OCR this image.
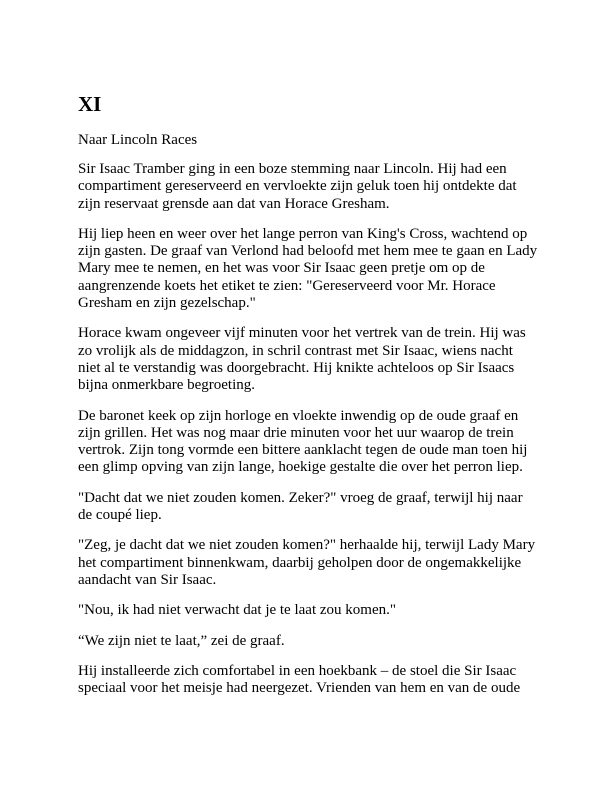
XI
Naar Lincoln Races

Sir Isaac Tramber ging in een boze stemming naar Lincoln. Hij had een compartiment gereserveerd en vervloekte zijn geluk toen hij ontdekte dat zijn reservaat grensde aan dat van Horace Gresham.

Hij liep heen en weer over het lange perron van King's Cross, wachtend op zijn gasten. De graaf van Verlond had beloofd met hem mee te gaan en Lady Mary mee te nemen, en het was voor Sir Isaac geen pretje om op de aangrenzende koets het etiket te zien: "Gereserveerd voor Mr. Horace Gresham en zijn gezelschap."

Horace kwam ongeveer vijf minuten voor het vertrek van de trein. Hij was zo vrolijk als de middagzon, in schril contrast met Sir Isaac, wiens nacht niet al te verstandig was doorgebracht. Hij knikte achteloos op Sir Isaacs bijna onmerkbare begroeting.

De baronet keek op zijn horloge en vloekte inwendig op de oude graaf en zijn grillen. Het was nog maar drie minuten voor het uur waarop de trein vertrok. Zijn tong vormde een bittere aanklacht tegen de oude man toen hij een glimp opving van zijn lange, hoekige gestalte die over het perron liep.

"Dacht dat we niet zouden komen. Zeker?" vroeg de graaf, terwijl hij naar de coupé liep.

"Zeg, je dacht dat we niet zouden komen?" herhaalde hij, terwijl Lady Mary het compartiment binnenkwam, daarbij geholpen door de ongemakkelijke aandacht van Sir Isaac.

"Nou, ik had niet verwacht dat je te laat zou komen."

“We zijn niet te laat,” zei de graaf.

Hij installeerde zich comfortabel in een hoekbank – de stoel die Sir Isaac speciaal voor het meisje had neergezet. Vrienden van hem en van de oude
